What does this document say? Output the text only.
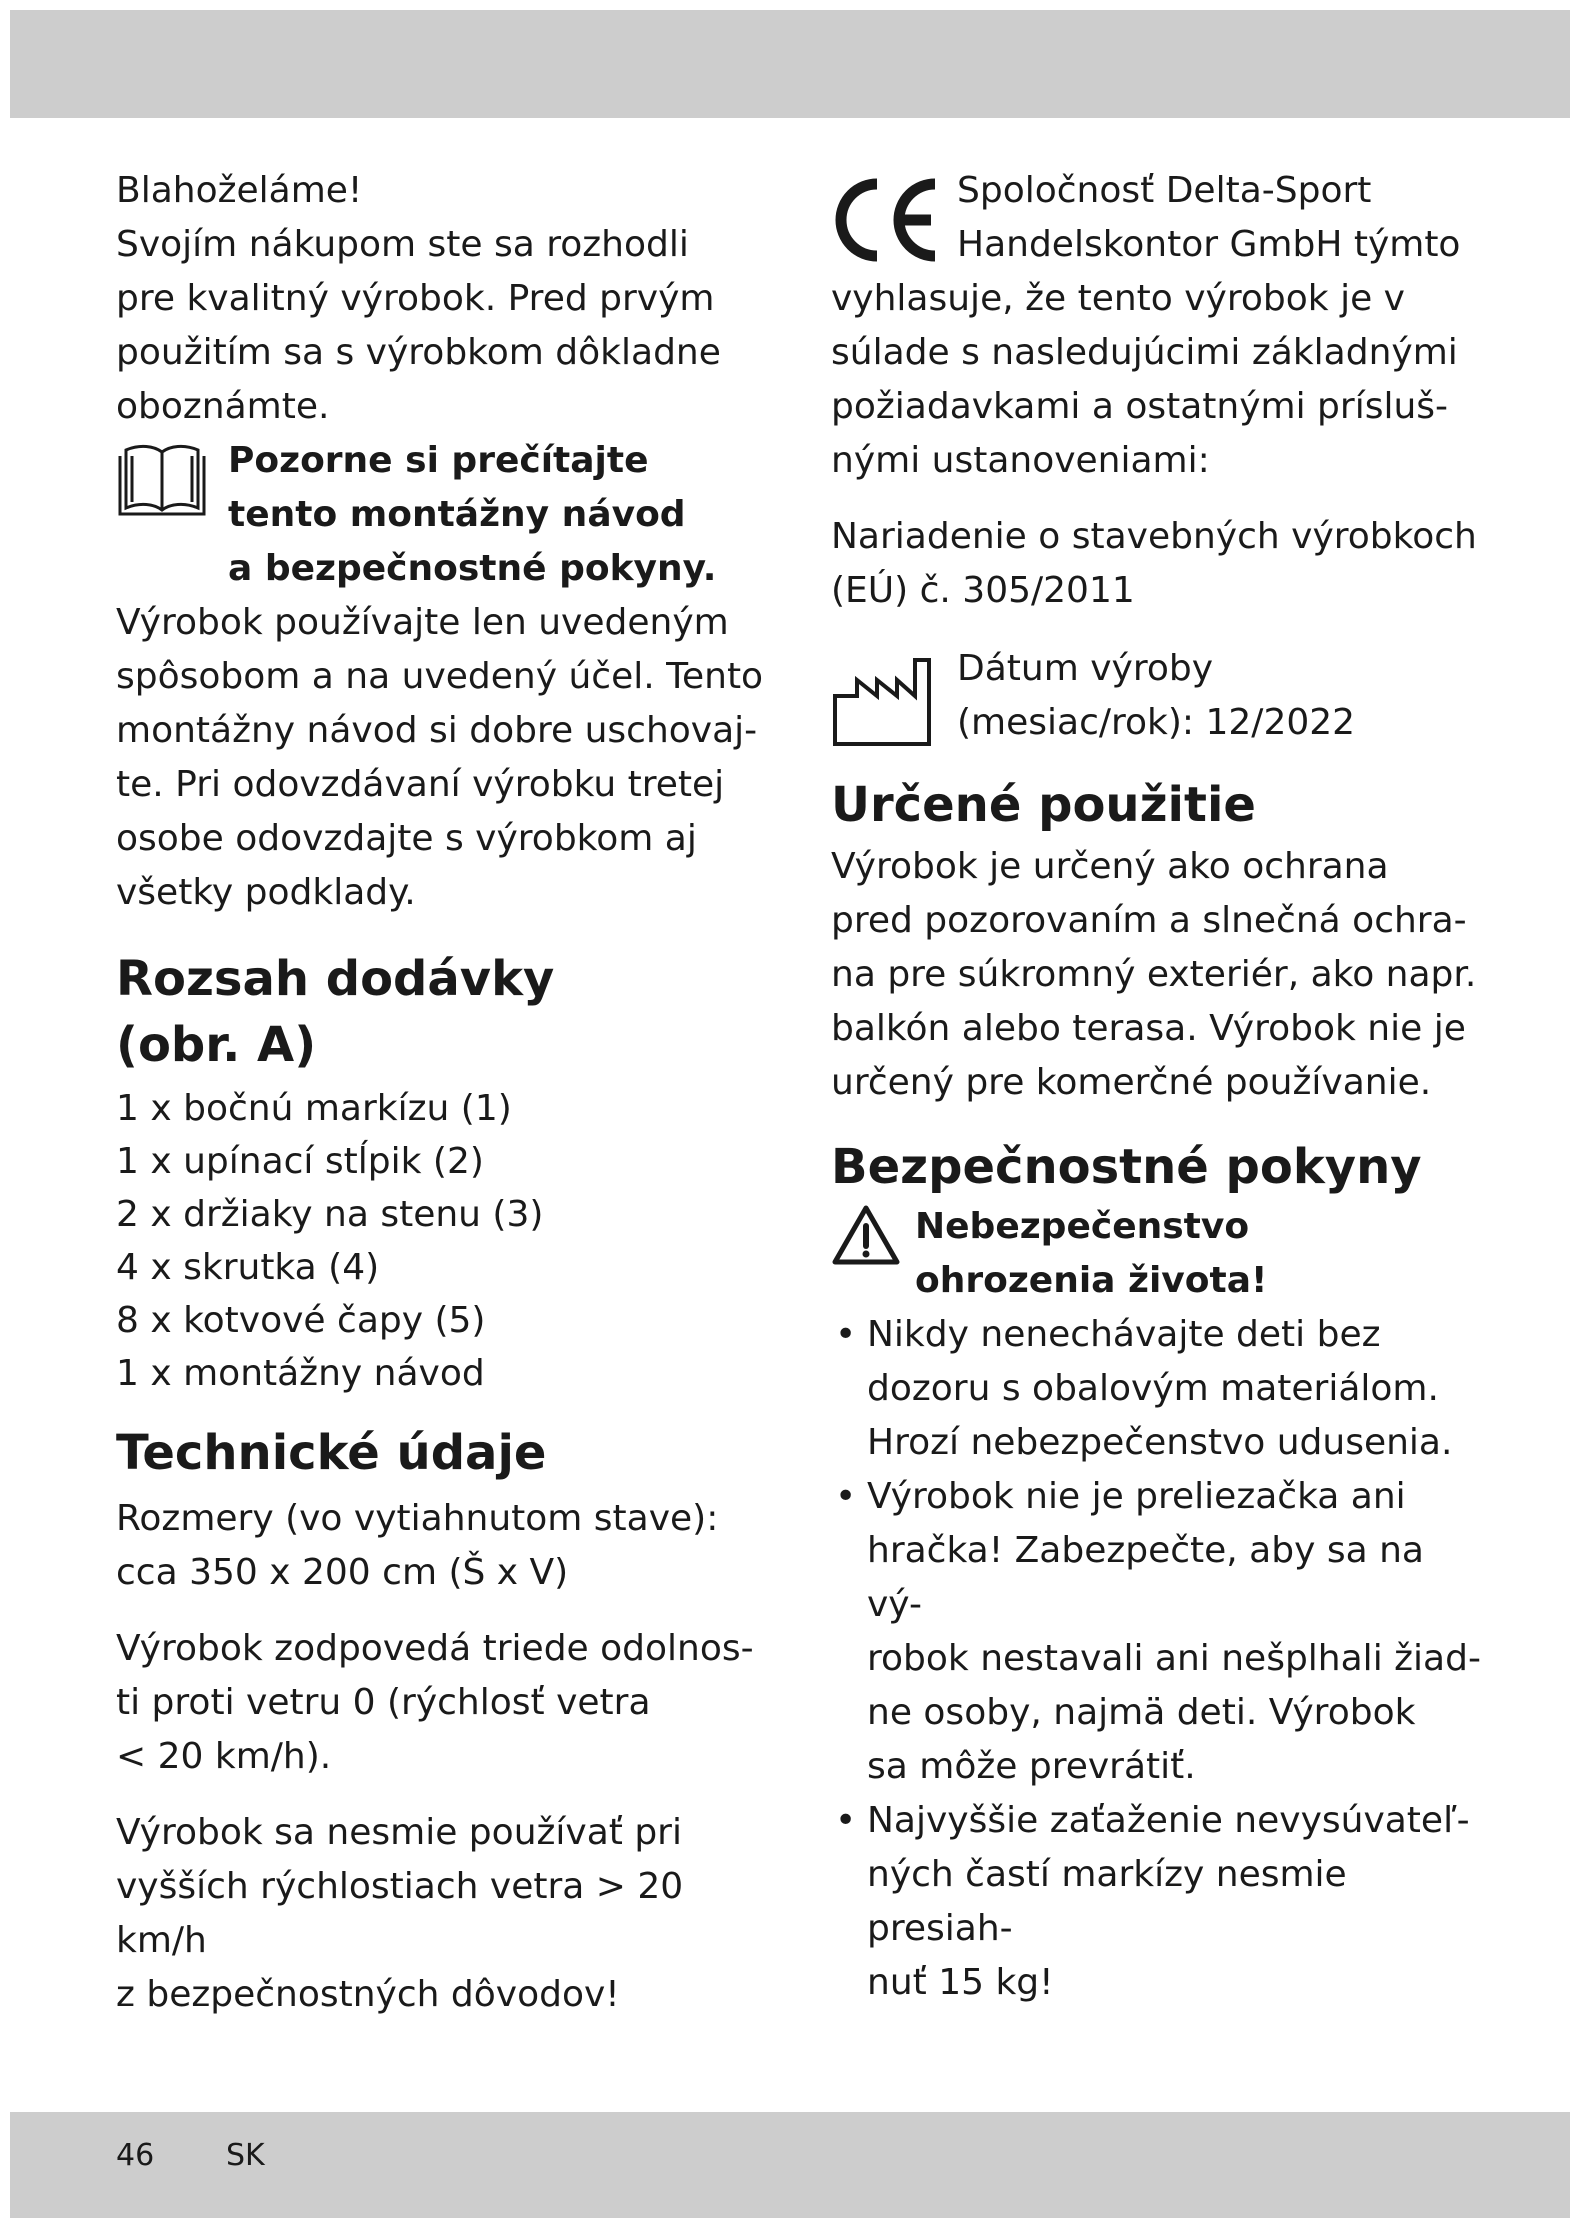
Blahoželáme!

Svojím nákupom ste sa rozhodli

pre kvalitný výrobok. Pred prvým

použitím sa s výrobkom dôkladne

oboznámte.

Pozorne si prečítajte
tento montážny návod
a bezpečnostné pokyny.

Výrobok používajte len uvedeným

spôsobom a na uvedený účel. Tento

montážny návod si dobre uschovaj-

te. Pri odovzdávaní výrobku tretej

osobe odovzdajte s výrobkom aj

všetky podklady.

Rozsah dodávky
(obr. A)

1 x bočnú markízu (1)

1 x upínací stĺpik (2)

2 x držiaky na stenu (3)

4 x skrutka (4)

8 x kotvové čapy (5)

1 x montážny návod

Technické údaje

Rozmery (vo vytiahnutom stave):

cca 350 x 200 cm (Š x V)

Výrobok zodpovedá triede odolnos-

ti proti vetru 0 (rýchlosť vetra

< 20 km/h).

Výrobok sa nesmie používať pri

vyšších rýchlostiach vetra > 20 km/h

z bezpečnostných dôvodov!

Spoločnosť Delta-Sport

Handelskontor GmbH týmto

vyhlasuje, že tento výrobok je v

súlade s nasledujúcimi základnými

požiadavkami a ostatnými prísluš-

nými ustanoveniami:

Nariadenie o stavebných výrobkoch

(EÚ) č. 305/2011

Dátum výroby

(mesiac/rok): 12/2022

Určené použitie

Výrobok je určený ako ochrana

pred pozorovaním a slnečná ochra-

na pre súkromný exteriér, ako napr.

balkón alebo terasa. Výrobok nie je

určený pre komerčné používanie.

Bezpečnostné pokyny
Nebezpečenstvo
ohrozenia života!
• Nikdy nenechávajte deti bez
dozoru s obalovým materiálom.
Hrozí nebezpečenstvo udusenia.
• Výrobok nie je preliezačka ani
hračka! Zabezpečte, aby sa na vý-
robok nestavali ani nešplhali žiad-
ne osoby, najmä deti. Výrobok
sa môže prevrátiť.
• Najvyššie zaťaženie nevysúvateľ-
ných častí markízy nesmie presiah-
nuť 15 kg!
46 SK
